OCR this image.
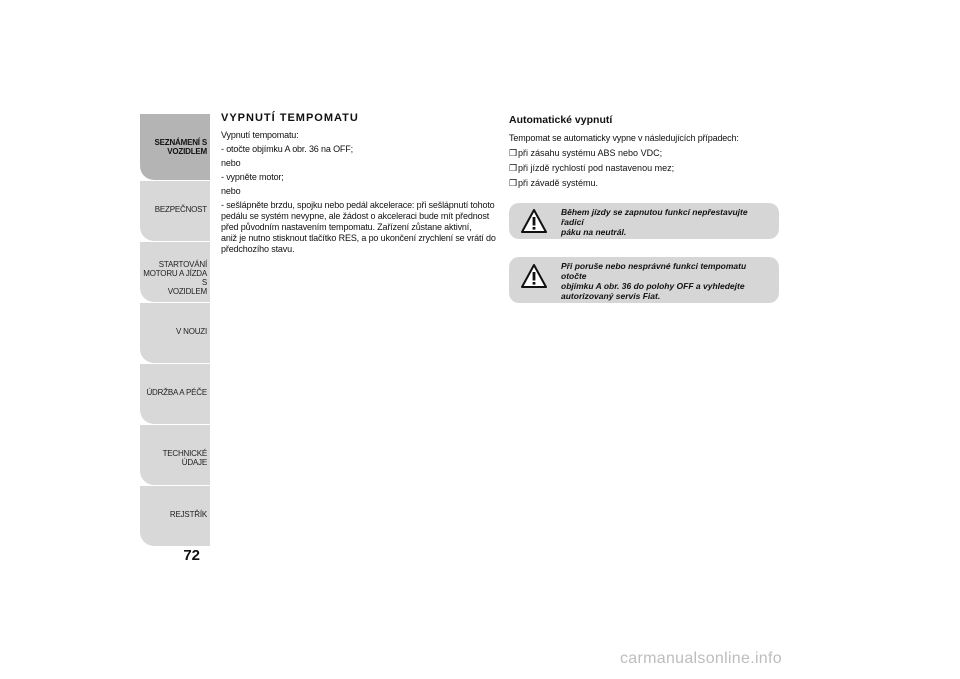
SEZNÁMENÍ S
VOZIDLEM
BEZPEČNOST
STARTOVÁNÍ
MOTORU A JÍZDA S
VOZIDLEM
V NOUZI
ÚDRŽBA A PÉČE
TECHNICKÉ ÚDAJE
REJSTŘÍK
72
VYPNUTÍ TEMPOMATU
Vypnutí tempomatu:
- otočte objímku A obr. 36 na OFF;
nebo
- vypněte motor;
nebo
- sešlápněte brzdu, spojku nebo pedál akcelerace: při sešlápnutí tohoto
pedálu se systém nevypne, ale žádost o akceleraci bude mít přednost
před původním nastavením tempomatu. Zařízení zůstane aktivní,
aniž je nutno stisknout tlačítko RES, a po ukončení zrychlení se vrátí do
předchozího stavu.
Automatické vypnutí
Tempomat se automaticky vypne v následujících případech:
❒při zásahu systému ABS nebo VDC;
❒při jízdě rychlostí pod nastavenou mez;
❒při závadě systému.
Během jízdy se zapnutou funkcí nepřestavujte řadicí
páku na neutrál.
Při poruše nebo nesprávné funkci tempomatu otočte
objímku A obr. 36 do polohy OFF a vyhledejte
autorizovaný servis Fiat.
carmanualsonline.info
